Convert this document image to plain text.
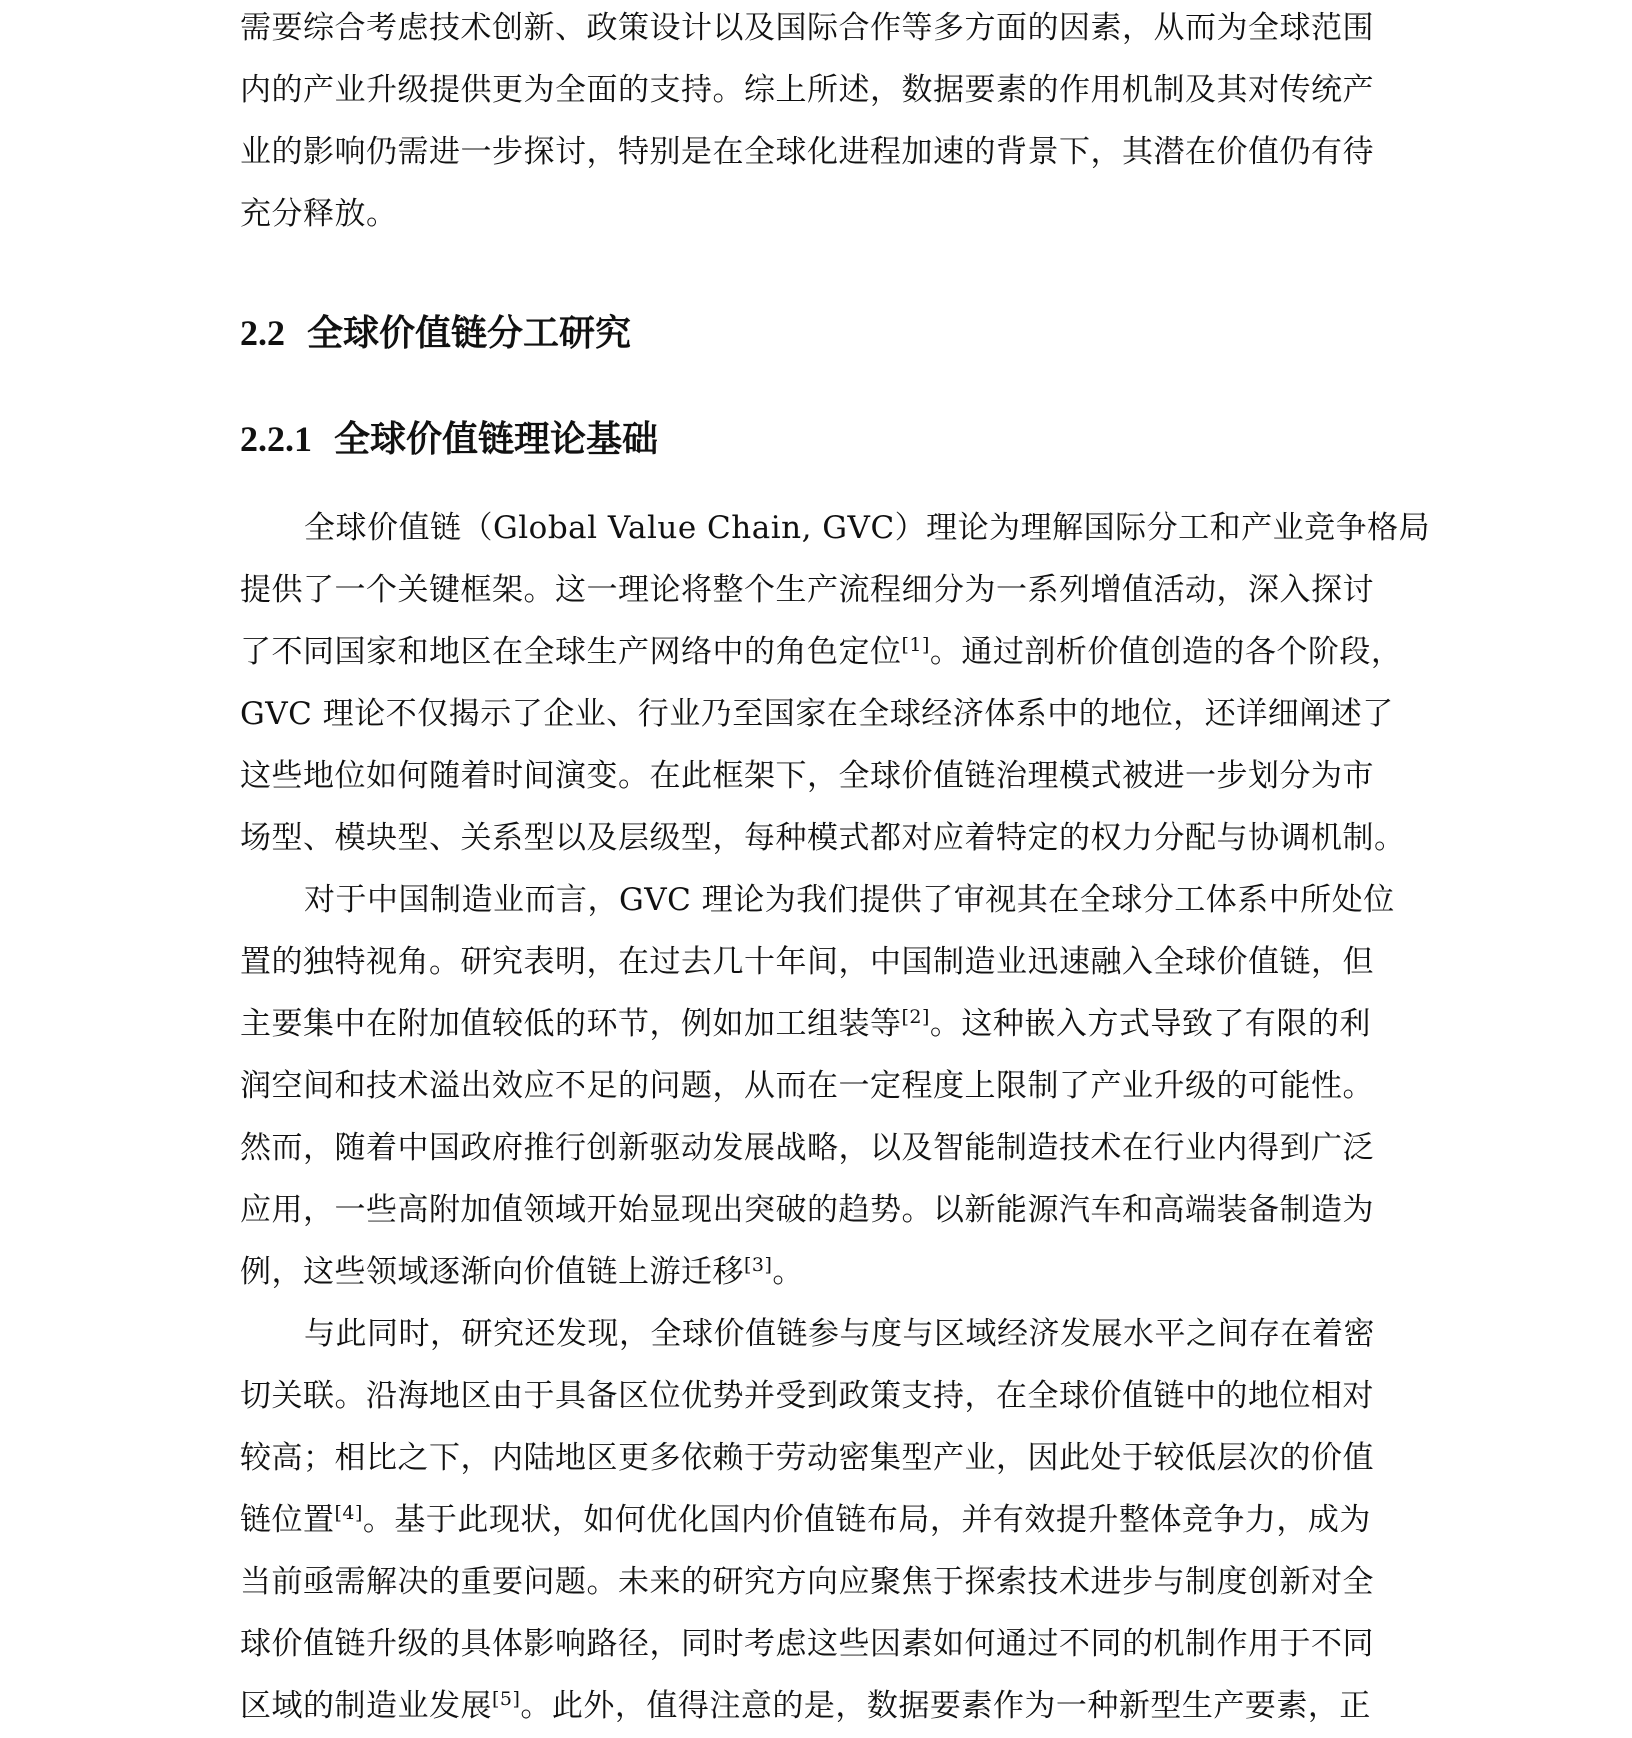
需要综合考虑技术创新、政策设计以及国际合作等多方面的因素，从而为全球范围
内的产业升级提供更为全面的支持。综上所述，数据要素的作用机制及其对传统产
业的影响仍需进一步探讨，特别是在全球化进程加速的背景下，其潜在价值仍有待
充分释放。
2.2 全球价值链分工研究
2.2.1 全球价值链理论基础
全球价值链（Global Value Chain, GVC）理论为理解国际分工和产业竞争格局
提供了一个关键框架。这一理论将整个生产流程细分为一系列增值活动，深入探讨
了不同国家和地区在全球生产网络中的角色定位[1]。通过剖析价值创造的各个阶段，
GVC 理论不仅揭示了企业、行业乃至国家在全球经济体系中的地位，还详细阐述了
这些地位如何随着时间演变。在此框架下，全球价值链治理模式被进一步划分为市
场型、模块型、关系型以及层级型，每种模式都对应着特定的权力分配与协调机制。
对于中国制造业而言，GVC 理论为我们提供了审视其在全球分工体系中所处位
置的独特视角。研究表明，在过去几十年间，中国制造业迅速融入全球价值链，但
主要集中在附加值较低的环节，例如加工组装等[2]。这种嵌入方式导致了有限的利
润空间和技术溢出效应不足的问题，从而在一定程度上限制了产业升级的可能性。
然而，随着中国政府推行创新驱动发展战略，以及智能制造技术在行业内得到广泛
应用，一些高附加值领域开始显现出突破的趋势。以新能源汽车和高端装备制造为
例，这些领域逐渐向价值链上游迁移[3]。
与此同时，研究还发现，全球价值链参与度与区域经济发展水平之间存在着密
切关联。沿海地区由于具备区位优势并受到政策支持，在全球价值链中的地位相对
较高；相比之下，内陆地区更多依赖于劳动密集型产业，因此处于较低层次的价值
链位置[4]。基于此现状，如何优化国内价值链布局，并有效提升整体竞争力，成为
当前亟需解决的重要问题。未来的研究方向应聚焦于探索技术进步与制度创新对全
球价值链升级的具体影响路径，同时考虑这些因素如何通过不同的机制作用于不同
区域的制造业发展[5]。此外，值得注意的是，数据要素作为一种新型生产要素，正
